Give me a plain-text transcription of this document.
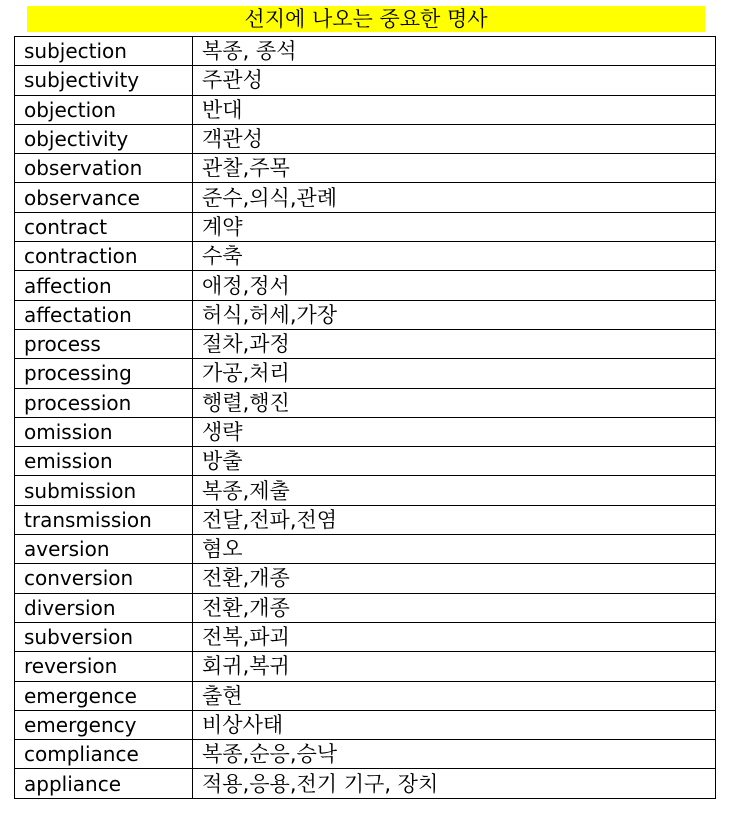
선지에 나오는 중요한 명사
subjection	복종, 종석
subjectivity	주관성
objection	반대
objectivity	객관성
observation	관찰,주목
observance	준수,의식,관례
contract	계약
contraction	수축
affection	애정,정서
affectation	허식,허세,가장
process	절차,과정
processing	가공,처리
procession	행렬,행진
omission	생략
emission	방출
submission	복종,제출
transmission	전달,전파,전염
aversion	혐오
conversion	전환,개종
diversion	전환,개종
subversion	전복,파괴
reversion	회귀,복귀
emergence	출현
emergency	비상사태
compliance	복종,순응,승낙
appliance	적용,응용,전기 기구, 장치
